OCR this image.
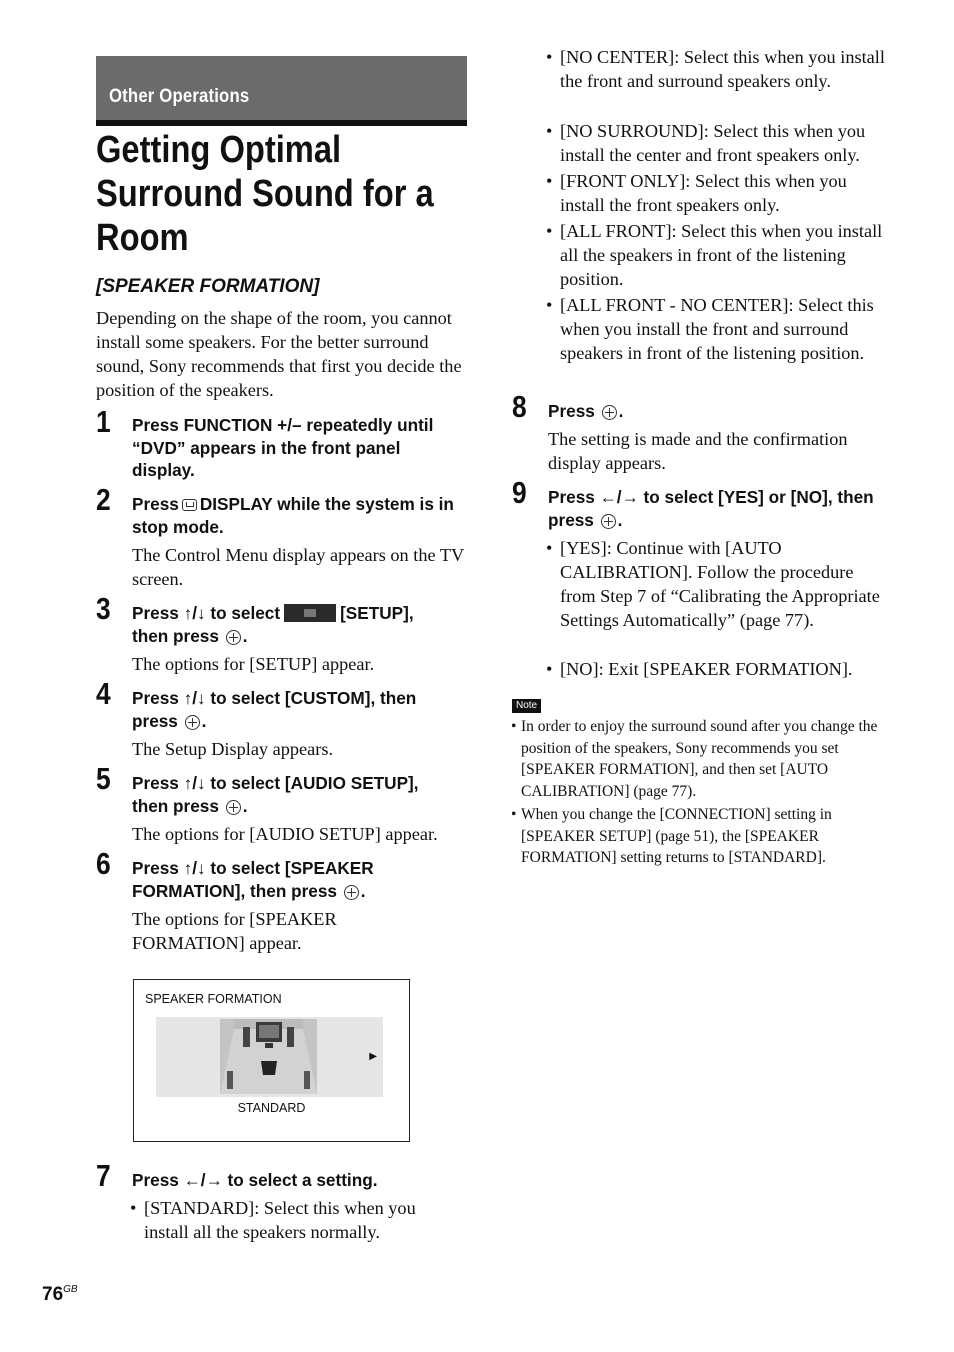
Other Operations
Getting Optimal Surround Sound for a Room
[SPEAKER FORMATION]
Depending on the shape of the room, you cannot install some speakers. For the better surround sound, Sony recommends that first you decide the position of the speakers.
1 Press FUNCTION +/– repeatedly until “DVD” appears in the front panel display.
2 Press DISPLAY while the system is in stop mode.
The Control Menu display appears on the TV screen.
3 Press ↑/↓ to select	[SETUP],
then press .
The options for [SETUP] appear.
4 Press ↑/↓ to select [CUSTOM], then
press .
The Setup Display appears.
5 Press ↑/↓ to select [AUDIO SETUP],
then press .
The options for [AUDIO SETUP] appear.
6 Press ↑/↓ to select [SPEAKER
FORMATION], then press .
The options for [SPEAKER FORMATION] appear.
SPEAKER FORMATION
▶
STANDARD
7 Press ←/→ to select a setting.
• [STANDARD]: Select this when you install all the speakers normally.
• [NO CENTER]: Select this when you install the front and surround speakers only.
• [NO SURROUND]: Select this when you install the center and front speakers only.
• [FRONT ONLY]: Select this when you install the front speakers only.
• [ALL FRONT]: Select this when you install all the speakers in front of the listening position.
• [ALL FRONT - NO CENTER]: Select this when you install the front and surround speakers in front of the listening position.
8 Press .
The setting is made and the confirmation display appears.
9 Press ←/→ to select [YES] or [NO], then
press .
• [YES]: Continue with [AUTO CALIBRATION]. Follow the procedure from Step 7 of “Calibrating the Appropriate Settings Automatically” (page 77).
• [NO]: Exit [SPEAKER FORMATION].
Note
• In order to enjoy the surround sound after you change the position of the speakers, Sony recommends you set [SPEAKER FORMATION], and then set [AUTO CALIBRATION] (page 77).
• When you change the [CONNECTION] setting in [SPEAKER SETUP] (page 51), the [SPEAKER FORMATION] setting returns to [STANDARD].
$76^{GB}$
